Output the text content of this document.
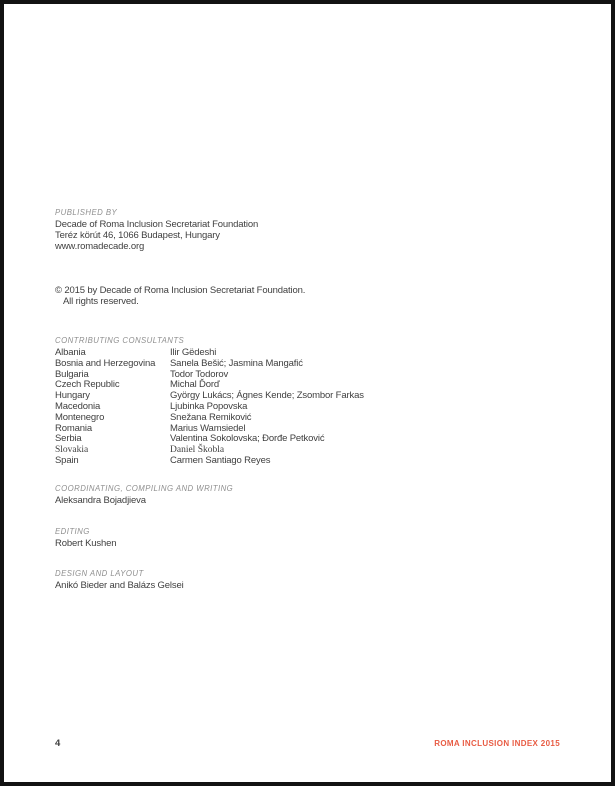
PUBLISHED BY
Decade of Roma Inclusion Secretariat Foundation
Teréz körút 46, 1066 Budapest, Hungary
www.romadecade.org
© 2015 by Decade of Roma Inclusion Secretariat Foundation.
All rights reserved.
CONTRIBUTING CONSULTANTS
Albania	Ilir Gëdeshi
Bosnia and Herzegovina	Sanela Bešić; Jasmina Mangafić
Bulgaria	Todor Todorov
Czech Republic	Michal Ďorď
Hungary	György Lukács; Ágnes Kende; Zsombor Farkas
Macedonia	Ljubinka Popovska
Montenegro	Snežana Remiković
Romania	Marius Wamsiedel
Serbia	Valentina Sokolovska; Đorđe Petković
Slovakia	Daniel Škobla
Spain	Carmen Santiago Reyes
COORDINATING, COMPILING AND WRITING
Aleksandra Bojadjieva
EDITING
Robert Kushen
DESIGN AND LAYOUT
Anikó Bieder and Balázs Gelsei
4	ROMA INCLUSION INDEX 2015
